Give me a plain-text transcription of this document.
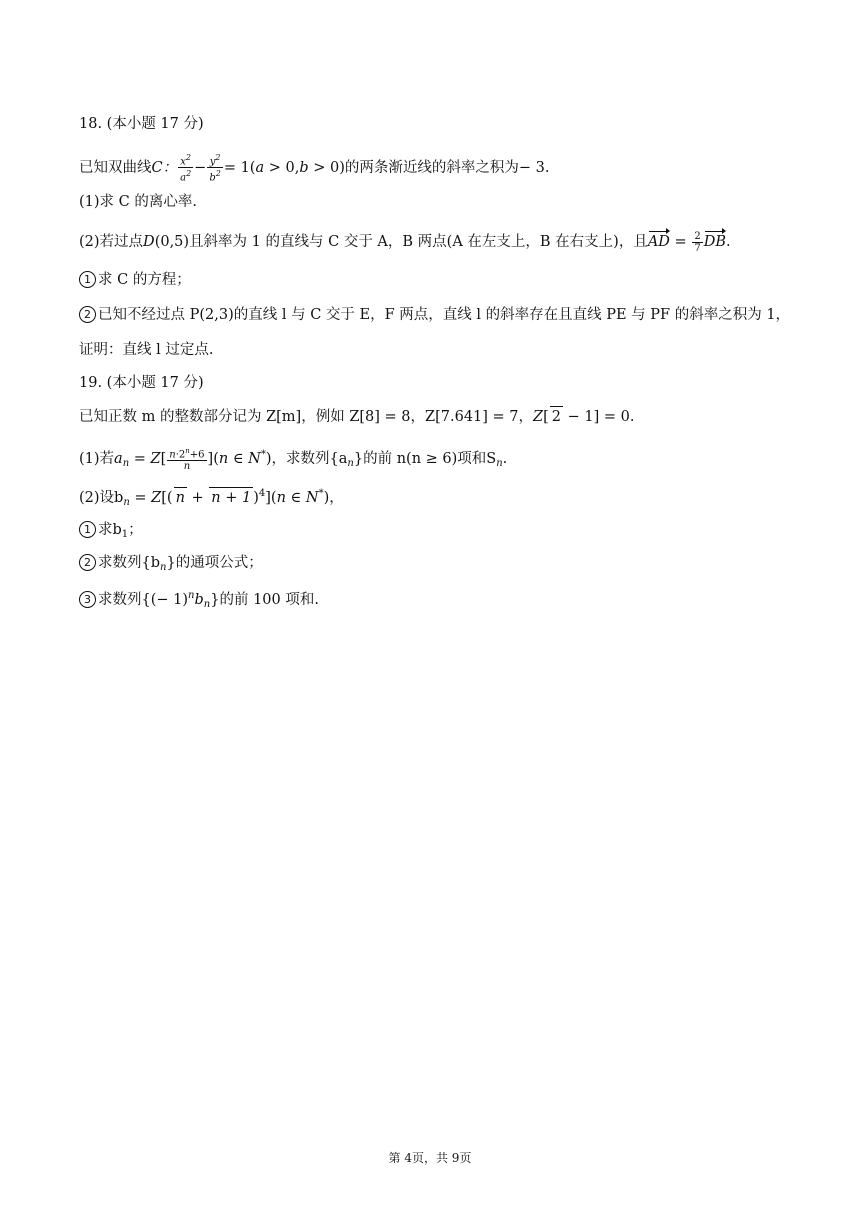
18. (本小题 17 分)
已知双曲线C： $\frac{x^2}{a^2} - \frac{y^2}{b^2} = 1(a > 0,b > 0)$的两条渐近线的斜率之积为− 3.
(1)求 C 的离心率.
(2)若过点D(0,5)且斜率为 1 的直线与 C 交于 A，B 两点(A 在左支上，B 在右支上)，且AD = $\frac{2}{7}$ DB.
1 求 C 的方程；
2 已知不经过点 P(2,3)的直线 l 与 C 交于 E，F 两点，直线 l 的斜率存在且直线 PE 与 PF 的斜率之积为 1，
证明：直线 l 过定点.
19. (本小题 17 分)
已知正数 m 的整数部分记为 Z[m]，例如 Z[8] = 8，Z[7.641] = 7，Z[ 2 − 1] = 0.
(1)若$a_n = Z[ \frac{n\cdot 2^n+6}{n} ](n$ ∈ N*)，求数列$\{a_n\}$的前 n(n ≥ 6)项和$S_n$.
(2)设$b_n = Z$[( n + n + 1 )$^4$](n ∈ N*)，
1 求$b_1$；
2 求数列$\{b_n\}$的通项公式；
3 求数列{(− $1)^nb_n$}的前 100 项和.
第 4页，共 9页
